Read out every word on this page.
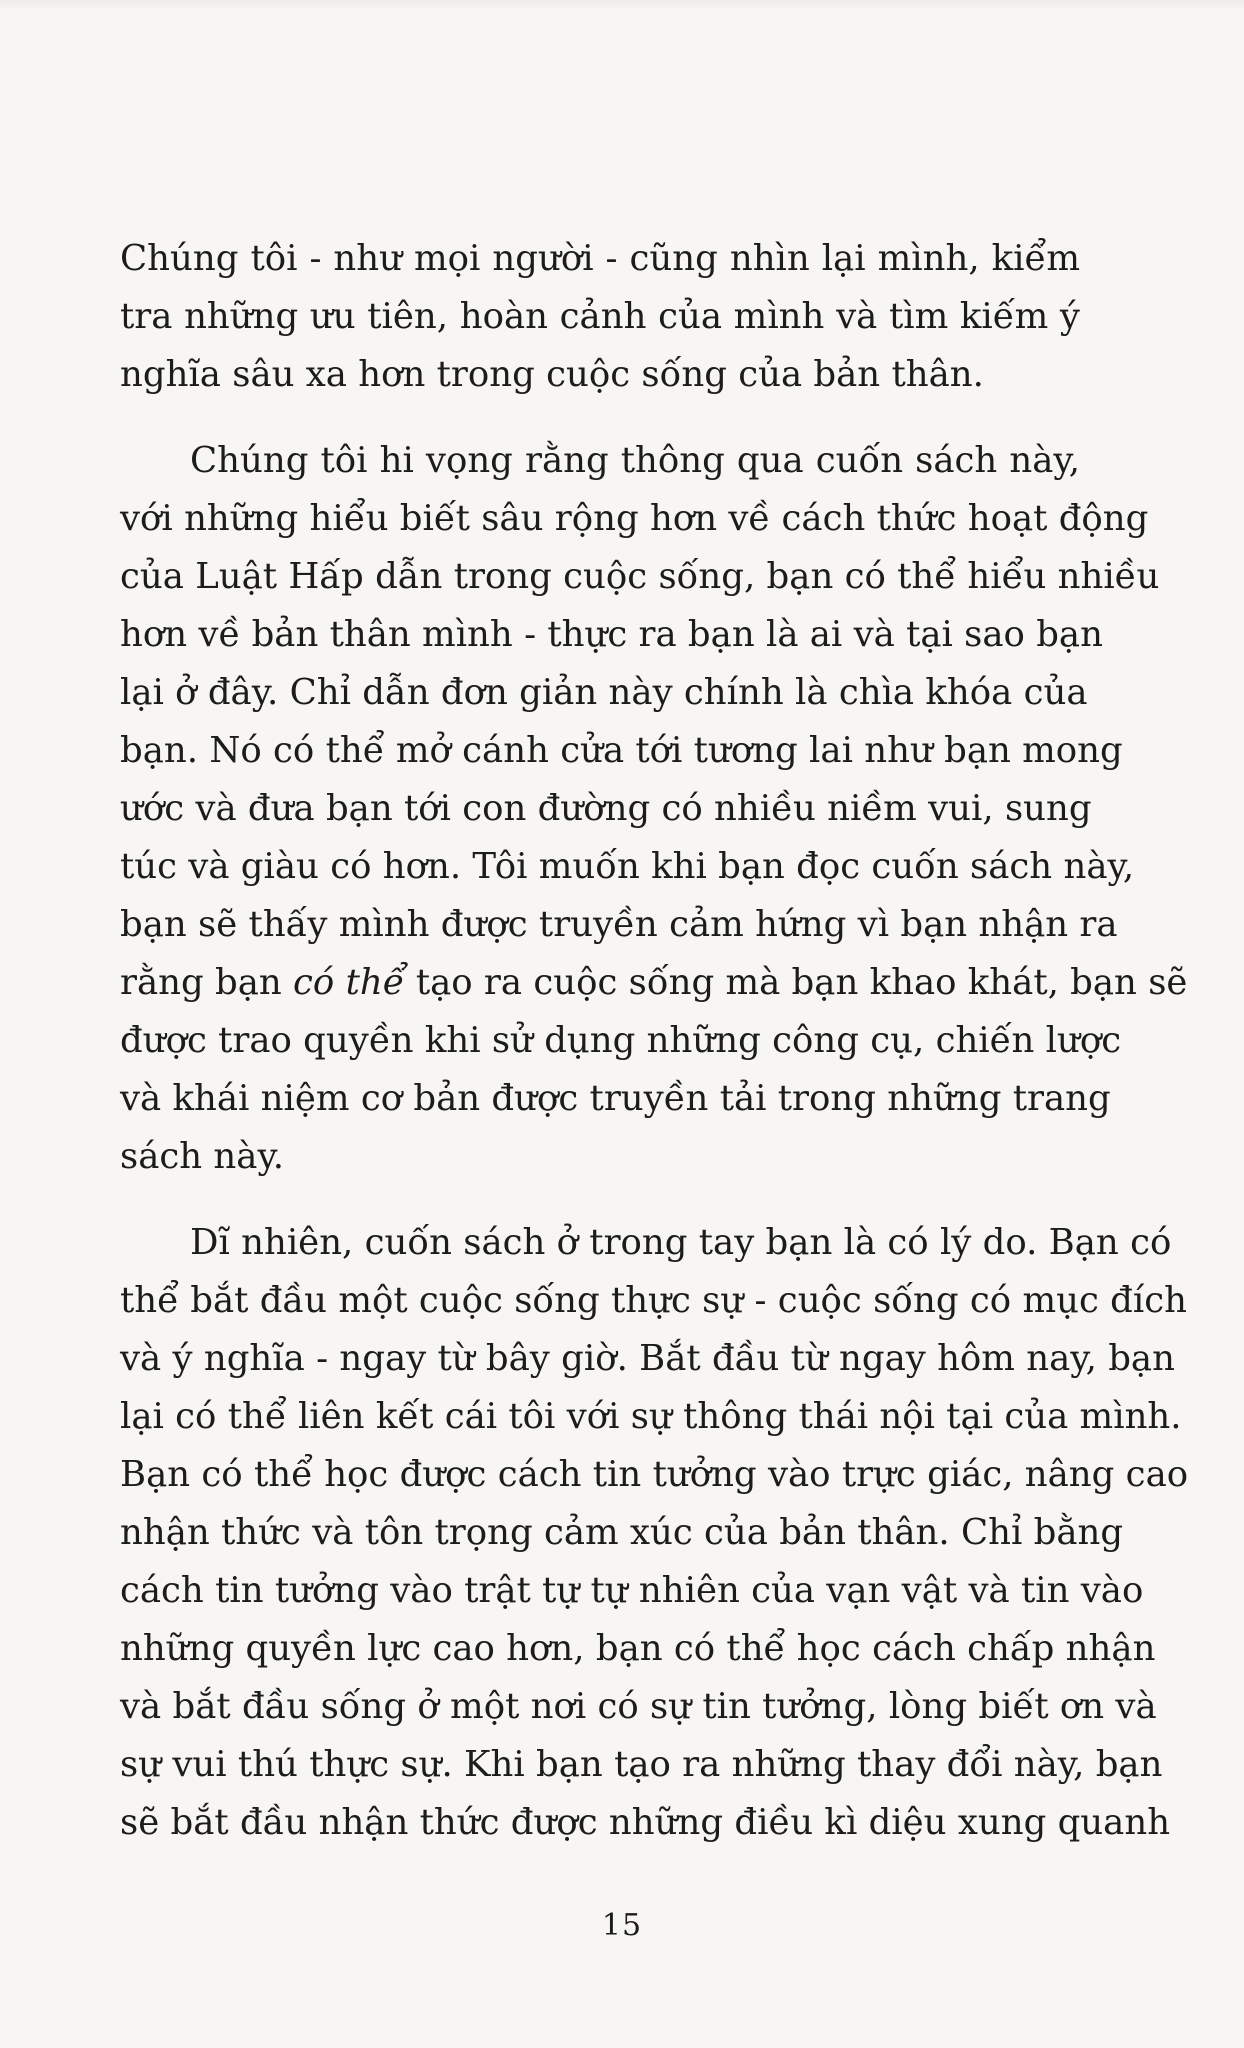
Chúng tôi - như mọi người - cũng nhìn lại mình, kiểm
tra những ưu tiên, hoàn cảnh của mình và tìm kiếm ý
nghĩa sâu xa hơn trong cuộc sống của bản thân.
Chúng tôi hi vọng rằng thông qua cuốn sách này,
với những hiểu biết sâu rộng hơn về cách thức hoạt động
của Luật Hấp dẫn trong cuộc sống, bạn có thể hiểu nhiều
hơn về bản thân mình - thực ra bạn là ai và tại sao bạn
lại ở đây. Chỉ dẫn đơn giản này chính là chìa khóa của
bạn. Nó có thể mở cánh cửa tới tương lai như bạn mong
ước và đưa bạn tới con đường có nhiều niềm vui, sung
túc và giàu có hơn. Tôi muốn khi bạn đọc cuốn sách này,
bạn sẽ thấy mình được truyền cảm hứng vì bạn nhận ra
rằng bạn có thể tạo ra cuộc sống mà bạn khao khát, bạn sẽ
được trao quyền khi sử dụng những công cụ, chiến lược
và khái niệm cơ bản được truyền tải trong những trang
sách này.
Dĩ nhiên, cuốn sách ở trong tay bạn là có lý do. Bạn có
thể bắt đầu một cuộc sống thực sự - cuộc sống có mục đích
và ý nghĩa - ngay từ bây giờ. Bắt đầu từ ngay hôm nay, bạn
lại có thể liên kết cái tôi với sự thông thái nội tại của mình.
Bạn có thể học được cách tin tưởng vào trực giác, nâng cao
nhận thức và tôn trọng cảm xúc của bản thân. Chỉ bằng
cách tin tưởng vào trật tự tự nhiên của vạn vật và tin vào
những quyền lực cao hơn, bạn có thể học cách chấp nhận
và bắt đầu sống ở một nơi có sự tin tưởng, lòng biết ơn và
sự vui thú thực sự. Khi bạn tạo ra những thay đổi này, bạn
sẽ bắt đầu nhận thức được những điều kì diệu xung quanh
15
